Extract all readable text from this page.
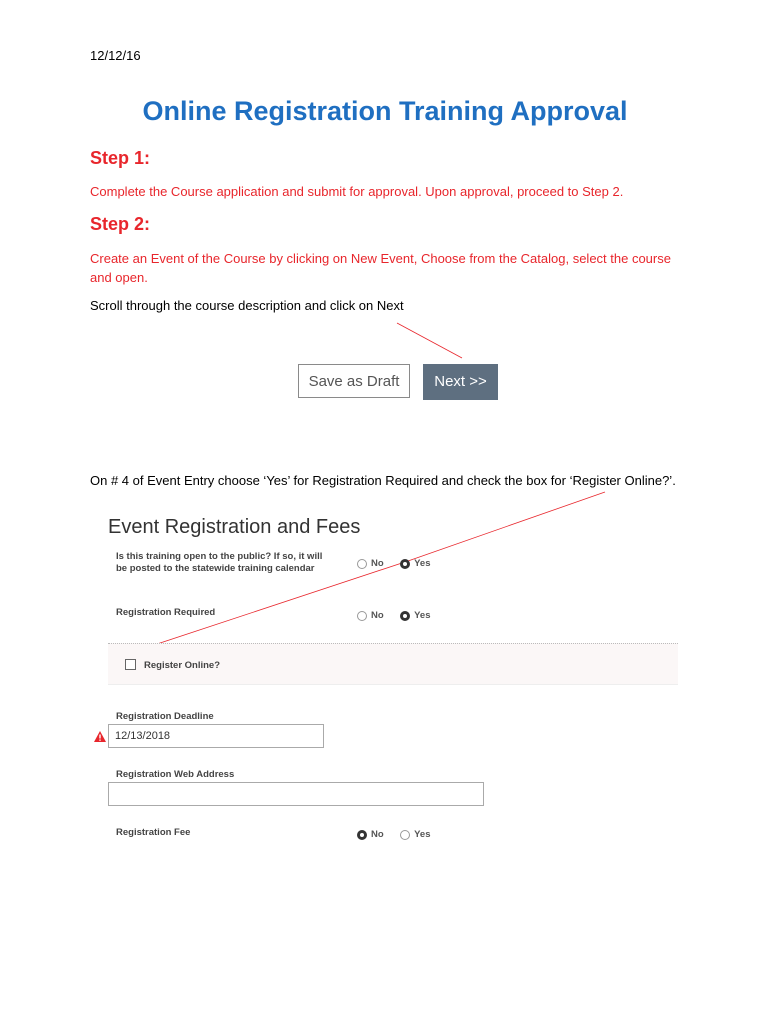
12/12/16
Online Registration Training Approval
Step 1:
Complete the Course application and submit for approval. Upon approval, proceed to Step 2.
Step 2:
Create an Event of the Course by clicking on New Event, Choose from the Catalog, select the course and open.
Scroll through the course description and click on Next
Save as Draft	Next >>
On # 4 of Event Entry choose ‘Yes’ for Registration Required and check the box for ‘Register Online?’.
Event Registration and Fees
Is this training open to the public? If so, it will be posted to the statewide training calendar	No	Yes
Registration Required	No	Yes
Register Online?
Registration Deadline
12/13/2018
Registration Web Address
Registration Fee	No	Yes
